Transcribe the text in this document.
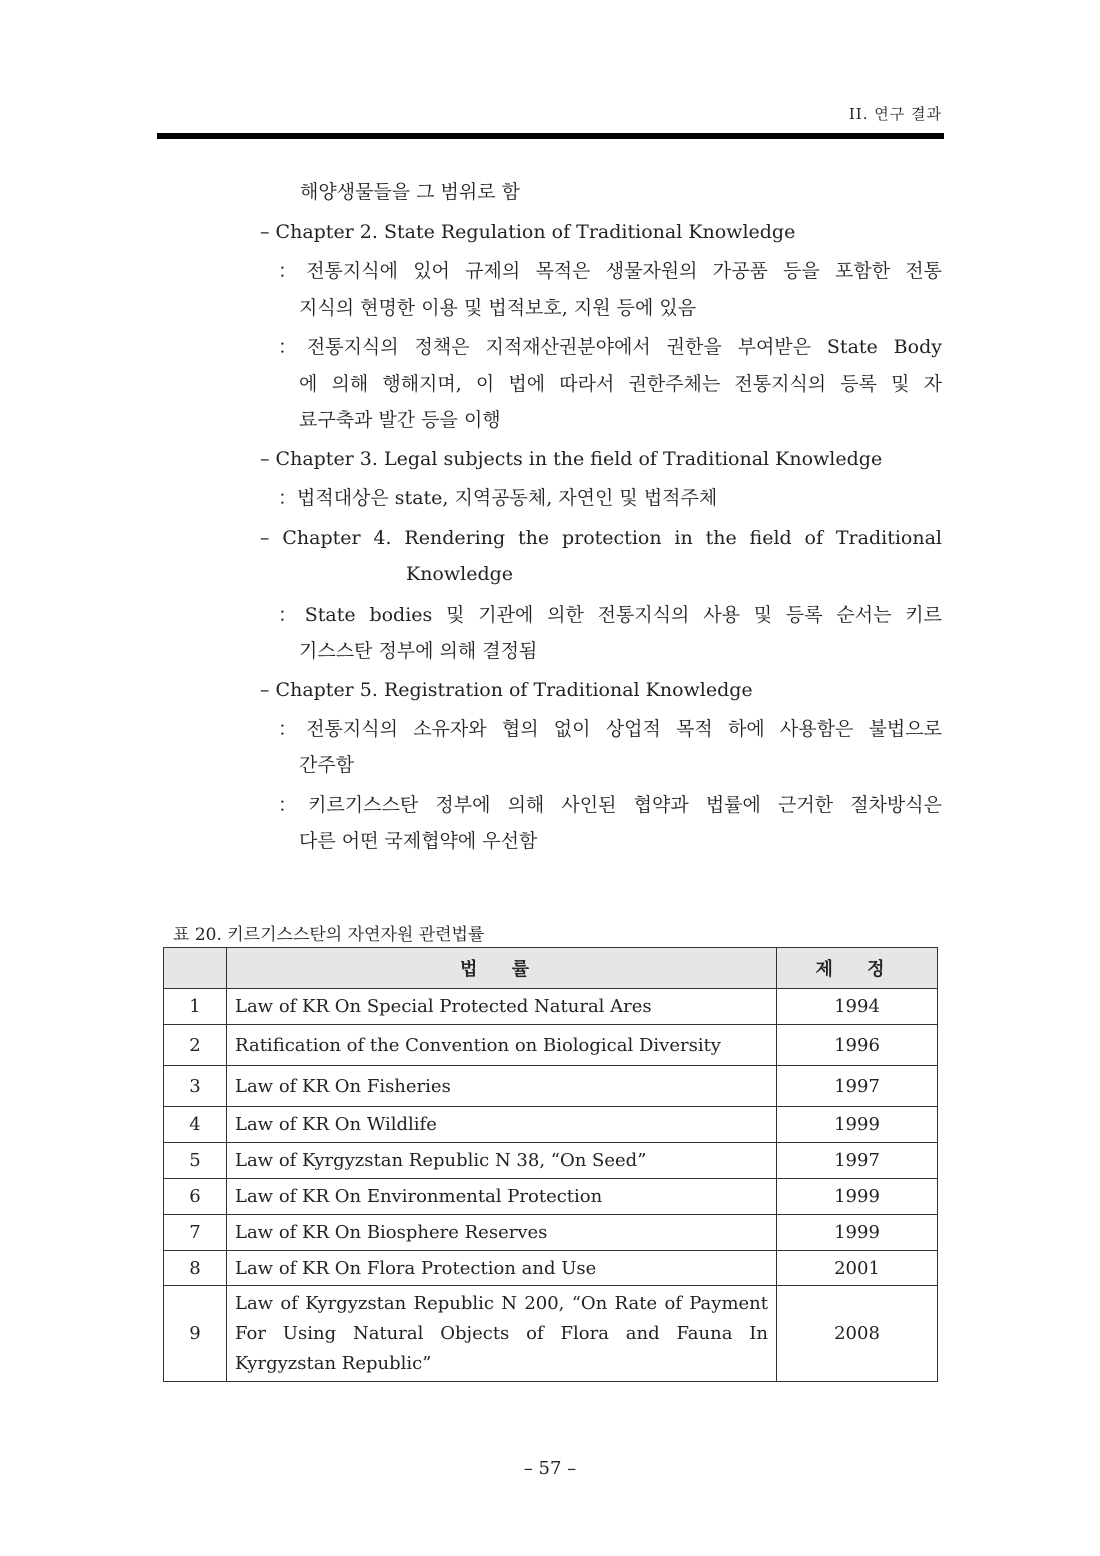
II. 연구 결과
해양생물들을 그 범위로 함
– Chapter 2. State Regulation of Traditional Knowledge
：전통지식에 있어 규제의 목적은 생물자원의 가공품 등을 포함한 전통
지식의 현명한 이용 및 법적보호, 지원 등에 있음
：전통지식의 정책은 지적재산권분야에서 권한을 부여받은 State Body
에 의해 행해지며, 이 법에 따라서 권한주체는 전통지식의 등록 및 자
료구축과 발간 등을 이행
– Chapter 3. Legal subjects in the field of Traditional Knowledge
：법적대상은 state, 지역공동체, 자연인 및 법적주체
– Chapter 4. Rendering the protection in the field of Traditional
Knowledge
：State bodies 및 기관에 의한 전통지식의 사용 및 등록 순서는 키르
기스스탄 정부에 의해 결정됨
– Chapter 5. Registration of Traditional Knowledge
：전통지식의 소유자와 협의 없이 상업적 목적 하에 사용함은 불법으로
간주함
：키르기스스탄 정부에 의해 사인된 협약과 법률에 근거한 절차방식은
다른 어떤 국제협약에 우선함
표 20. 키르기스스탄의 자연자원 관련법률
	법 률	제 정
1	Law of KR On Special Protected Natural Ares	1994
2	Ratification of the Convention on Biological Diversity	1996
3	Law of KR On Fisheries	1997
4	Law of KR On Wildlife	1999
5	Law of Kyrgyzstan Republic N 38, “On Seed”	1997
6	Law of KR On Environmental Protection	1999
7	Law of KR On Biosphere Reserves	1999
8	Law of KR On Flora Protection and Use	2001
9	Law of Kyrgyzstan Republic N 200, “On Rate of Payment For Using Natural Objects of Flora and Fauna In Kyrgyzstan Republic”	2008
– 57 –
